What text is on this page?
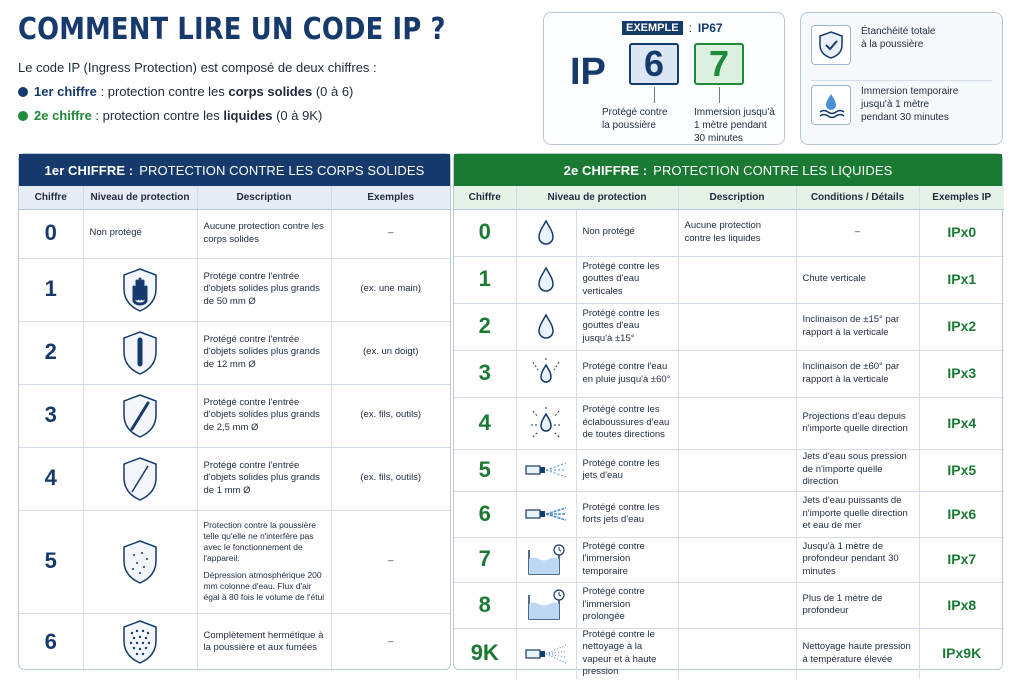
COMMENT LIRE UN CODE IP ?
Le code IP (Ingress Protection) est composé de deux chiffres :
1er chiffre : protection contre les corps solides (0 à 6)
2e chiffre : protection contre les liquides (0 à 9K)
EXEMPLE : IP67
IP	6	7
Protégé contre
la poussière
Immersion jusqu'à
1 mètre pendant
30 minutes
Étanchéité totale
à la poussière
Immersion temporaire
jusqu'à 1 mètre
pendant 30 minutes
1er CHIFFRE : PROTECTION CONTRE LES CORPS SOLIDES
Chiffre	Niveau de protection	Description	Exemples
0	Non protégé	Aucune protection contre les corps solides	–
1		Protégé contre l'entrée d'objets solides plus grands de 50 mm Ø	(ex. une main)
2		Protégé contre l'entrée d'objets solides plus grands de 12 mm Ø	(ex. un doigt)
3		Protégé contre l'entrée d'objets solides plus grands de 2,5 mm Ø	(ex. fils, outils)
4		Protégé contre l'entrée d'objets solides plus grands de 1 mm Ø	(ex. fils, outils)
5		Protection contre la poussière telle qu'elle ne n'interfère pas avec le fonctionnement de l'appareil.
Dépression atmosphérique 200 mm colonne d'eau. Flux d'air égal à 80 fois le volume de l'étui	–
6		Complètement hermétique à la poussière et aux fumées	–
2e CHIFFRE : PROTECTION CONTRE LES LIQUIDES
Chiffre	Niveau de protection		Description	Conditions / Détails	Exemples IP
0		Non protégé	Aucune protection contre les liquides	–	IPx0
1		Protégé contre les gouttes d'eau verticales		Chute verticale	IPx1
2		Protégé contre les gouttes d'eau jusqu'à ±15°		Inclinaison de ±15° par rapport à la verticale	IPx2
3		Protégé contre l'eau en pluie jusqu'à ±60°		Inclinaison de ±60° par rapport à la verticale	IPx3
4		Protégé contre les éclaboussures d'eau de toutes directions		Projections d'eau depuis n'importe quelle direction	IPx4
5		Protégé contre les jets d'eau		Jets d'eau sous pression de n'importe quelle direction	IPx5
6		Protégé contre les forts jets d'eau		Jets d'eau puissants de n'importe quelle direction et eau de mer	IPx6
7		Protégé contre l'immersion temporaire		Jusqu'à 1 mètre de profondeur pendant 30 minutes	IPx7
8		Protégé contre l'immersion prolongée		Plus de 1 mètre de profondeur	IPx8
9K		Protégé contre le nettoyage à la vapeur et à haute pression		Nettoyage haute pression à température élevée	IPx9K
